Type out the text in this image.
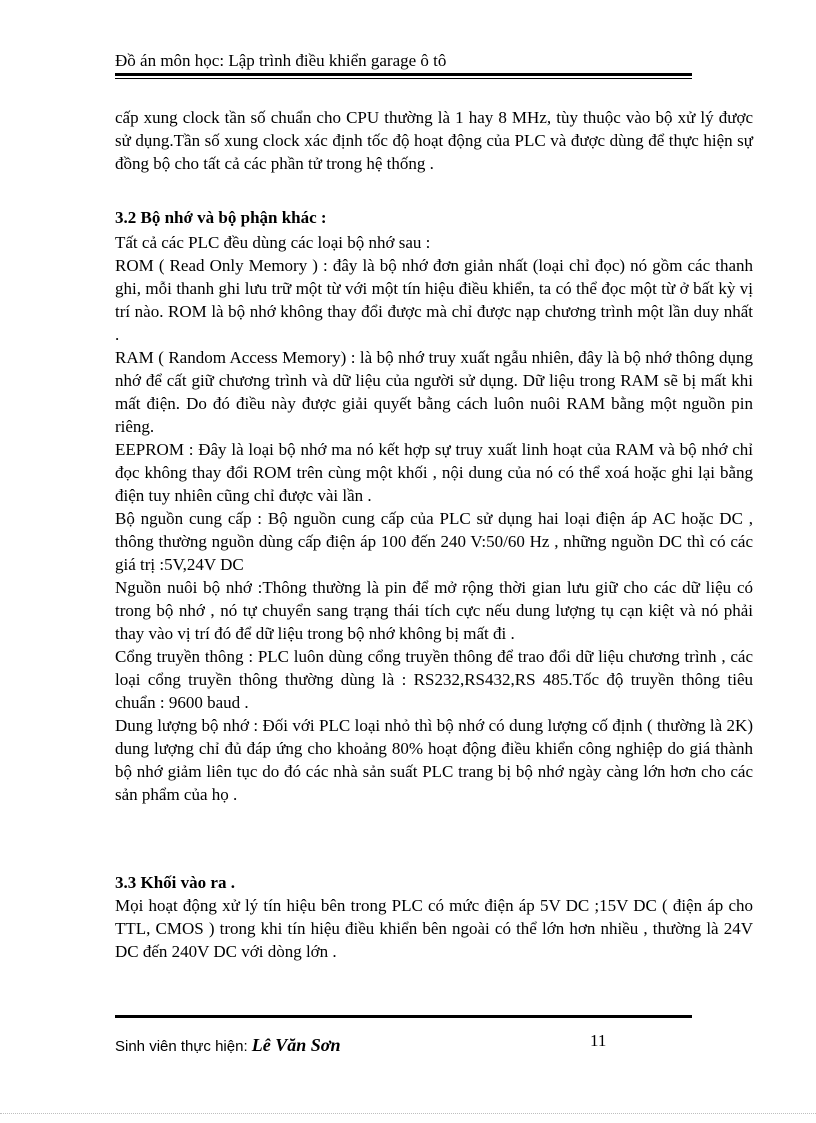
Đồ án môn học: Lập trình điều khiển garage ô tô

cấp xung clock tần số chuẩn cho CPU thường là 1 hay 8 MHz, tùy thuộc vào bộ xử lý được sử dụng.Tần số xung clock xác định tốc độ hoạt động của PLC và được dùng để thực hiện sự đồng bộ cho tất cả các phần tử trong hệ thống .

3.2 Bộ nhớ và bộ phận khác :

Tất cả các PLC đều dùng các loại bộ nhớ sau :

ROM ( Read Only Memory ) : đây là bộ nhớ đơn giản nhất (loại chỉ đọc) nó gồm các thanh ghi, mỗi thanh ghi lưu trữ một từ với một tín hiệu điều khiển, ta có thể đọc một từ ở bất kỳ vị trí nào. ROM là bộ nhớ không thay đổi được mà chỉ được nạp chương trình một lần duy nhất .

RAM ( Random Access Memory) : là bộ nhớ truy xuất ngẫu nhiên, đây là bộ nhớ thông dụng nhớ để cất giữ chương trình và dữ liệu của người sử dụng. Dữ liệu trong RAM sẽ bị mất khi mất điện. Do đó điều này được giải quyết bằng cách luôn nuôi RAM bằng một nguồn pin riêng.

EEPROM : Đây là loại bộ nhớ ma nó kết hợp sự truy xuất linh hoạt của RAM và bộ nhớ chỉ đọc không thay đổi ROM trên cùng một khối , nội dung của nó có thể xoá hoặc ghi lại bằng điện tuy nhiên cũng chỉ được vài lần .

Bộ nguồn cung cấp : Bộ nguồn cung cấp của PLC sử dụng hai loại điện áp AC hoặc DC , thông thường nguồn dùng cấp điện áp 100 đến 240 V:50/60 Hz , những nguồn DC thì có các giá trị :5V,24V DC

Nguồn nuôi bộ nhớ :Thông thường là pin để mở rộng thời gian lưu giữ cho các dữ liệu có trong bộ nhớ , nó tự chuyển sang trạng thái tích cực nếu dung lượng tụ cạn kiệt và nó phải thay vào vị trí đó để dữ liệu trong bộ nhớ không bị mất đi .

Cổng truyền thông : PLC luôn dùng cổng truyền thông để trao đổi dữ liệu chương trình , các loại cổng truyền thông thường dùng là : RS232,RS432,RS 485.Tốc độ truyền thông tiêu chuẩn : 9600 baud .

Dung lượng bộ nhớ : Đối với PLC loại nhỏ thì bộ nhớ có dung lượng cố định ( thường là 2K) dung lượng chỉ đủ đáp ứng cho khoảng 80% hoạt động điều khiển công nghiệp do giá thành bộ nhớ giảm liên tục do đó các nhà sản suất PLC trang bị bộ nhớ ngày càng lớn hơn cho các sản phẩm của họ .

3.3 Khối vào ra .

Mọi hoạt động xử lý tín hiệu bên trong PLC có mức điện áp 5V DC ;15V DC ( điện áp cho TTL, CMOS ) trong khi tín hiệu điều khiển bên ngoài có thể lớn hơn nhiều , thường là 24V DC đến 240V DC với dòng lớn .

Sinh viên thực hiện: Lê Văn Sơn	11
